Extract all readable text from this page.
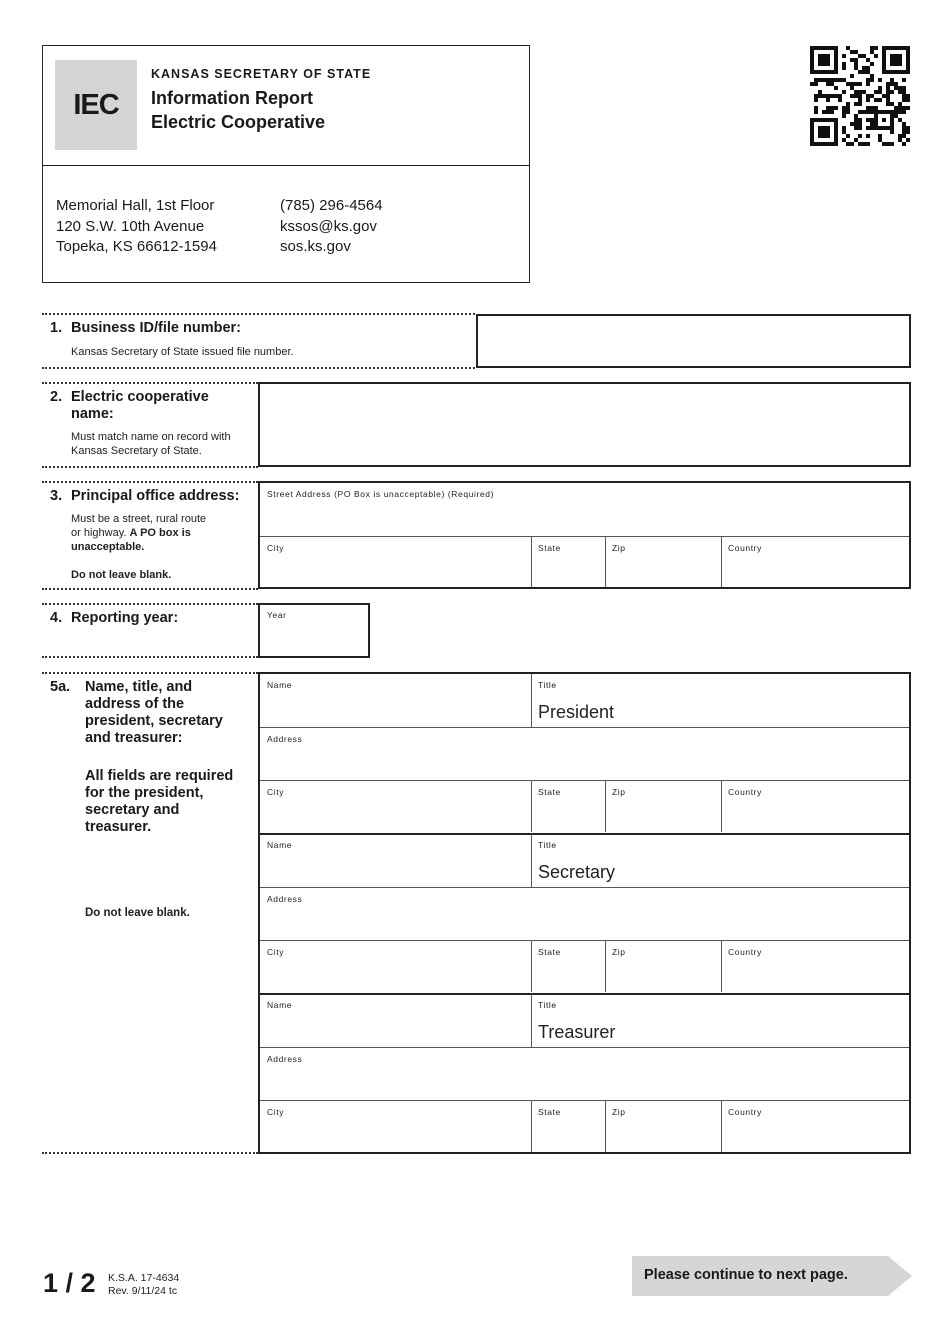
IEC
KANSAS SECRETARY OF STATE
Information Report
Electric Cooperative
Memorial Hall, 1st Floor
120 S.W. 10th Avenue
Topeka, KS 66612-1594
(785) 296-4564
kssos@ks.gov
sos.ks.gov
1. Business ID/file number:
Kansas Secretary of State issued file number.
2. Electric cooperative
name:
Must match name on record with
Kansas Secretary of State.
3. Principal office address:
Must be a street, rural route
or highway. A PO box is
unacceptable.
Do not leave blank.
Street Address (PO Box is unacceptable) (Required)
City	State	Zip	Country
4. Reporting year:	Year
5a. Name, title, and
address of the
president, secretary
and treasurer:
All fields are required
for the president,
secretary and
treasurer.
Do not leave blank.
Name	Title
President
Address
City	State	Zip	Country
Name	Title
Secretary
Address
City	State	Zip	Country
Name	Title
Treasurer
Address
City	State	Zip	Country
1 / 2 K.S.A. 17-4634
Rev. 9/11/24 tc
Please continue to next page.
